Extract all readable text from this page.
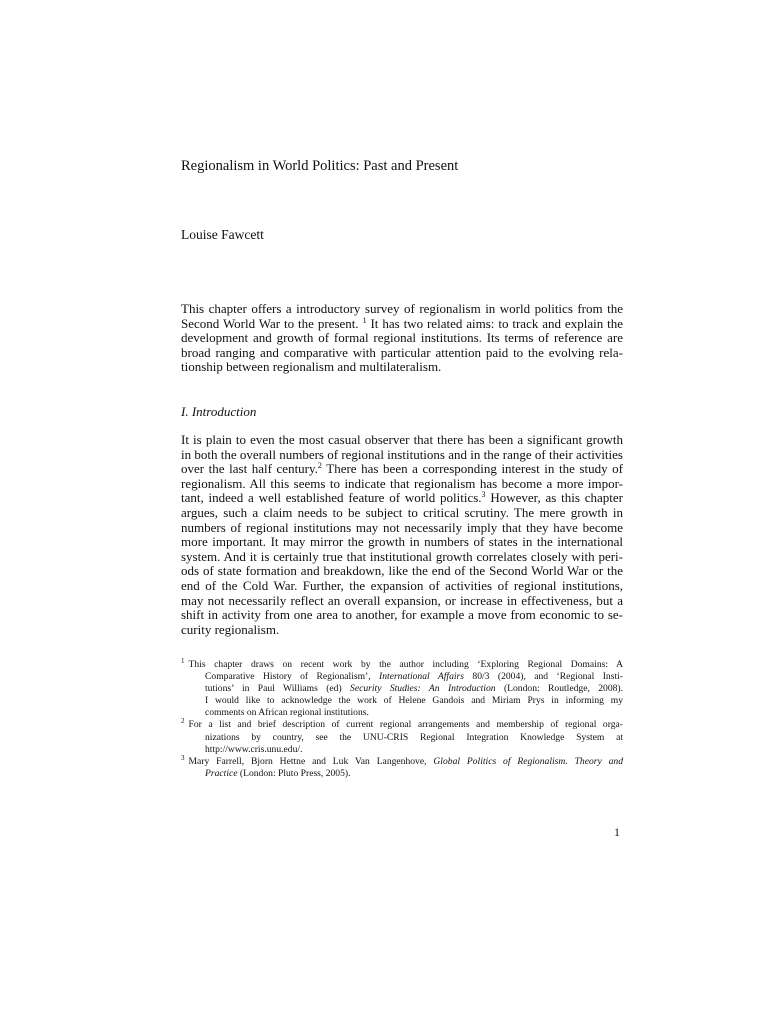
Regionalism in World Politics: Past and Present
Louise Fawcett
This chapter offers a introductory survey of regionalism in world politics from the
Second World War to the present. $^1$ It has two related aims: to track and explain the
development and growth of formal regional institutions. Its terms of reference are
broad ranging and comparative with particular attention paid to the evolving rela-
tionship between regionalism and multilateralism.
I. Introduction
It is plain to even the most casual observer that there has been a significant growth
in both the overall numbers of regional institutions and in the range of their activities
over the last half century.$^2$ There has been a corresponding interest in the study of
regionalism. All this seems to indicate that regionalism has become a more impor-
tant, indeed a well established feature of world politics.$^3$ However, as this chapter
argues, such a claim needs to be subject to critical scrutiny. The mere growth in
numbers of regional institutions may not necessarily imply that they have become
more important. It may mirror the growth in numbers of states in the international
system. And it is certainly true that institutional growth correlates closely with peri-
ods of state formation and breakdown, like the end of the Second World War or the
end of the Cold War. Further, the expansion of activities of regional institutions,
may not necessarily reflect an overall expansion, or increase in effectiveness, but a
shift in activity from one area to another, for example a move from economic to se-
curity regionalism.
$^1$ This chapter draws on recent work by the author including ‘Exploring Regional Domains: A
Comparative History of Regionalism’, International Affairs 80/3 (2004), and ‘Regional Insti-
tutions’ in Paul Williams (ed) Security Studies: An Introduction (London: Routledge, 2008).
I would like to acknowledge the work of Helene Gandois and Miriam Prys in informing my
comments on African regional institutions.
$^2$ For a list and brief description of current regional arrangements and membership of regional orga-
nizations by country, see the UNU-CRIS Regional Integration Knowledge System at
http://www.cris.unu.edu/.
$^3$ Mary Farrell, Bjorn Hettne and Luk Van Langenhove, Global Politics of Regionalism. Theory and
Practice (London: Pluto Press, 2005).
1
